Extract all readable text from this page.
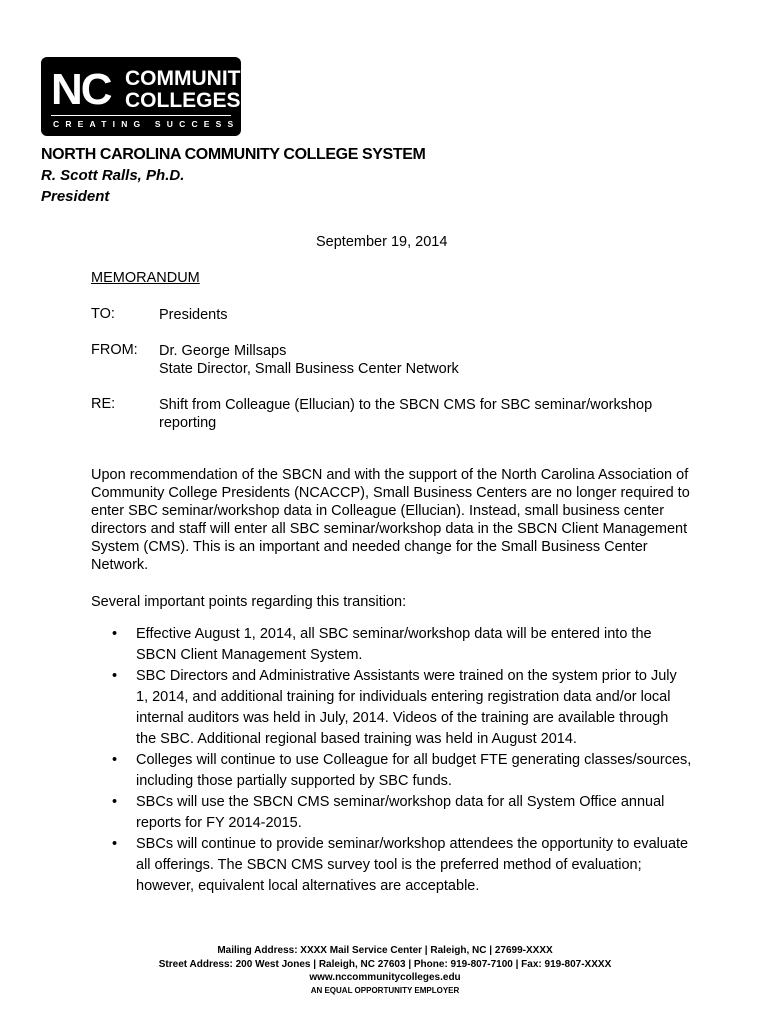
NC COMMUNITY
COLLEGES
CREATING SUCCESS
NORTH CAROLINA COMMUNITY COLLEGE SYSTEM
R. Scott Ralls, Ph.D.
President
September 19, 2014
MEMORANDUM
TO:	Presidents
FROM: Dr. George Millsaps
State Director, Small Business Center Network
RE:	Shift from Colleague (Ellucian) to the SBCN CMS for SBC seminar/workshop reporting
Upon recommendation of the SBCN and with the support of the North Carolina Association of Community College Presidents (NCACCP), Small Business Centers are no longer required to enter SBC seminar/workshop data in Colleague (Ellucian). Instead, small business center directors and staff will enter all SBC seminar/workshop data in the SBCN Client Management System (CMS). This is an important and needed change for the Small Business Center Network.
Several important points regarding this transition:
• Effective August 1, 2014, all SBC seminar/workshop data will be entered into the SBCN Client Management System.
• SBC Directors and Administrative Assistants were trained on the system prior to July 1, 2014, and additional training for individuals entering registration data and/or local internal auditors was held in July, 2014. Videos of the training are available through the SBC. Additional regional based training was held in August 2014.
• Colleges will continue to use Colleague for all budget FTE generating classes/sources, including those partially supported by SBC funds.
• SBCs will use the SBCN CMS seminar/workshop data for all System Office annual reports for FY 2014-2015.
• SBCs will continue to provide seminar/workshop attendees the opportunity to evaluate all offerings. The SBCN CMS survey tool is the preferred method of evaluation; however, equivalent local alternatives are acceptable.
Mailing Address: XXXX Mail Service Center | Raleigh, NC | 27699-XXXX
Street Address: 200 West Jones | Raleigh, NC 27603 | Phone: 919-807-7100 | Fax: 919-807-XXXX
www.nccommunitycolleges.edu
AN EQUAL OPPORTUNITY EMPLOYER
